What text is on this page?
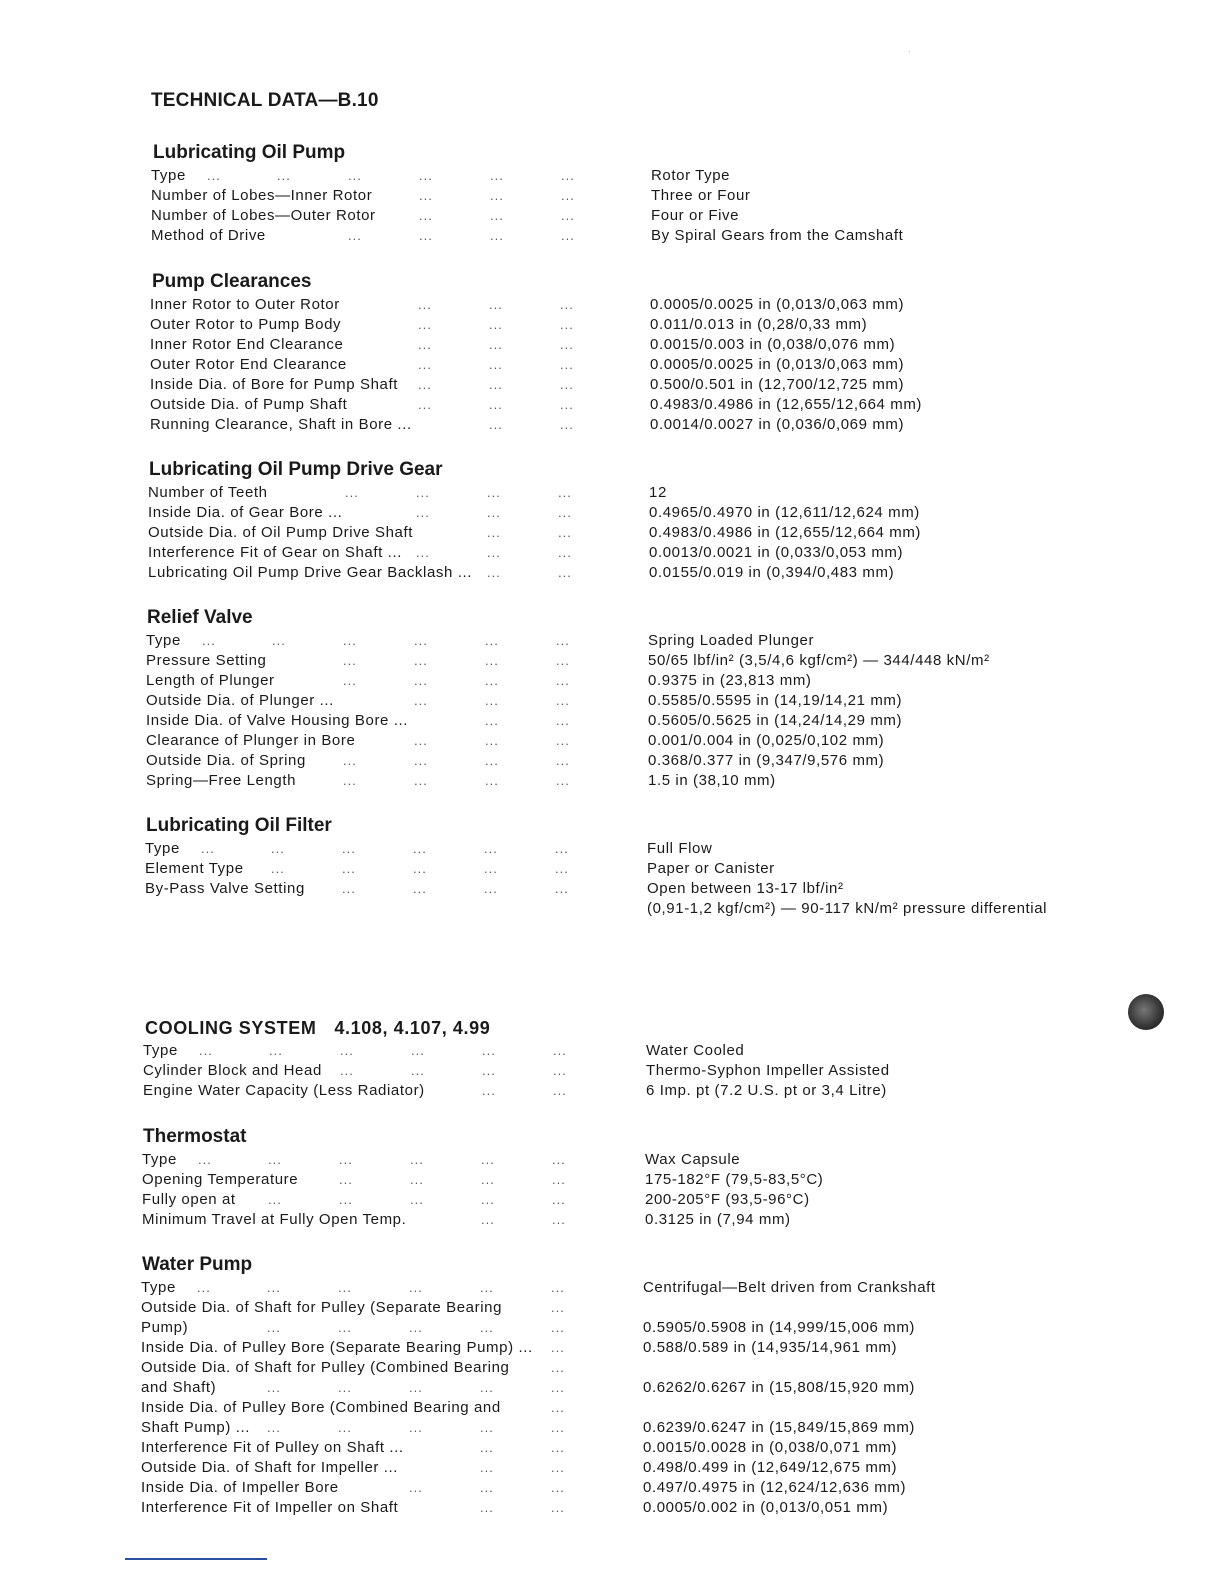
TECHNICAL DATA—B.10
Lubricating Oil Pump
Type ...	...	...	...	...	...	Rotor Type
Number of Lobes—Inner Rotor	...	...	...	Three or Four
Number of Lobes—Outer Rotor	...	...	...	Four or Five
Method of Drive	...	...	...	...	By Spiral Gears from the Camshaft
Pump Clearances
Inner Rotor to Outer Rotor	...	...	...	0.0005/0.0025 in (0,013/0,063 mm)
Outer Rotor to Pump Body	...	...	...	0.011/0.013 in (0,28/0,33 mm)
Inner Rotor End Clearance	...	...	...	0.0015/0.003 in (0,038/0,076 mm)
Outer Rotor End Clearance	...	...	...	0.0005/0.0025 in (0,013/0,063 mm)
Inside Dia. of Bore for Pump Shaft ...	...	...	0.500/0.501 in (12,700/12,725 mm)
Outside Dia. of Pump Shaft	...	...	...	0.4983/0.4986 in (12,655/12,664 mm)
Running Clearance, Shaft in Bore ...	...	...	0.0014/0.0027 in (0,036/0,069 mm)
Lubricating Oil Pump Drive Gear
Number of Teeth	...	...	...	...	12
Inside Dia. of Gear Bore ...	...	...	...	0.4965/0.4970 in (12,611/12,624 mm)
Outside Dia. of Oil Pump Drive Shaft	...	...	0.4983/0.4986 in (12,655/12,664 mm)
Interference Fit of Gear on Shaft ... ...	...	...	0.0013/0.0021 in (0,033/0,053 mm)
Lubricating Oil Pump Drive Gear Backlash ... ...	...	0.0155/0.019 in (0,394/0,483 mm)
Relief Valve
Type ...	...	...	...	...	...	Spring Loaded Plunger
Pressure Setting	...	...	...	...	50/65 lbf/in² (3,5/4,6 kgf/cm²) — 344/448 kN/m²
Length of Plunger	...	...	...	...	0.9375 in (23,813 mm)
Outside Dia. of Plunger ...	...	...	...	0.5585/0.5595 in (14,19/14,21 mm)
Inside Dia. of Valve Housing Bore ...	...	...	0.5605/0.5625 in (14,24/14,29 mm)
Clearance of Plunger in Bore	...	...	...	0.001/0.004 in (0,025/0,102 mm)
Outside Dia. of Spring	...	...	...	...	0.368/0.377 in (9,347/9,576 mm)
Spring—Free Length	...	...	...	...	1.5 in (38,10 mm)
Lubricating Oil Filter
Type ...	...	...	...	...	...	Full Flow
Element Type ...	...	...	...	...	Paper or Canister
By-Pass Valve Setting	...	...	...	...	Open between 13-17 lbf/in²
(0,91-1,2 kgf/cm²) — 90-117 kN/m² pressure differential
COOLING SYSTEM 4.108, 4.107, 4.99
Type ...	...	...	...	...	...	Water Cooled
Cylinder Block and Head ...	...	...	...	Thermo-Syphon Impeller Assisted
Engine Water Capacity (Less Radiator)	...	...	6 Imp. pt (7.2 U.S. pt or 3,4 Litre)
Thermostat
Type ...	...	...	...	...	...	Wax Capsule
Opening Temperature	...	...	...	...	175-182°F (79,5-83,5°C)
Fully open at ...	...	...	...	...	200-205°F (93,5-96°C)
Minimum Travel at Fully Open Temp.	...	...	0.3125 in (7,94 mm)
Water Pump
Type ...	...	...	...	...	...	Centrifugal—Belt driven from Crankshaft
Outside Dia. of Shaft for Pulley (Separate Bearing	...
Pump)	...	...	...	...	...	0.5905/0.5908 in (14,999/15,006 mm)
Inside Dia. of Pulley Bore (Separate Bearing Pump) ... ...	0.588/0.589 in (14,935/14,961 mm)
Outside Dia. of Shaft for Pulley (Combined Bearing	...
and Shaft)	...	...	...	...	...	0.6262/0.6267 in (15,808/15,920 mm)
Inside Dia. of Pulley Bore (Combined Bearing and	...
Shaft Pump) ... ...	...	...	...	...	0.6239/0.6247 in (15,849/15,869 mm)
Interference Fit of Pulley on Shaft ...	...	...	0.0015/0.0028 in (0,038/0,071 mm)
Outside Dia. of Shaft for Impeller ...	...	...	0.498/0.499 in (12,649/12,675 mm)
Inside Dia. of Impeller Bore	...	...	...	0.497/0.4975 in (12,624/12,636 mm)
Interference Fit of Impeller on Shaft	...	...	0.0005/0.002 in (0,013/0,051 mm)
